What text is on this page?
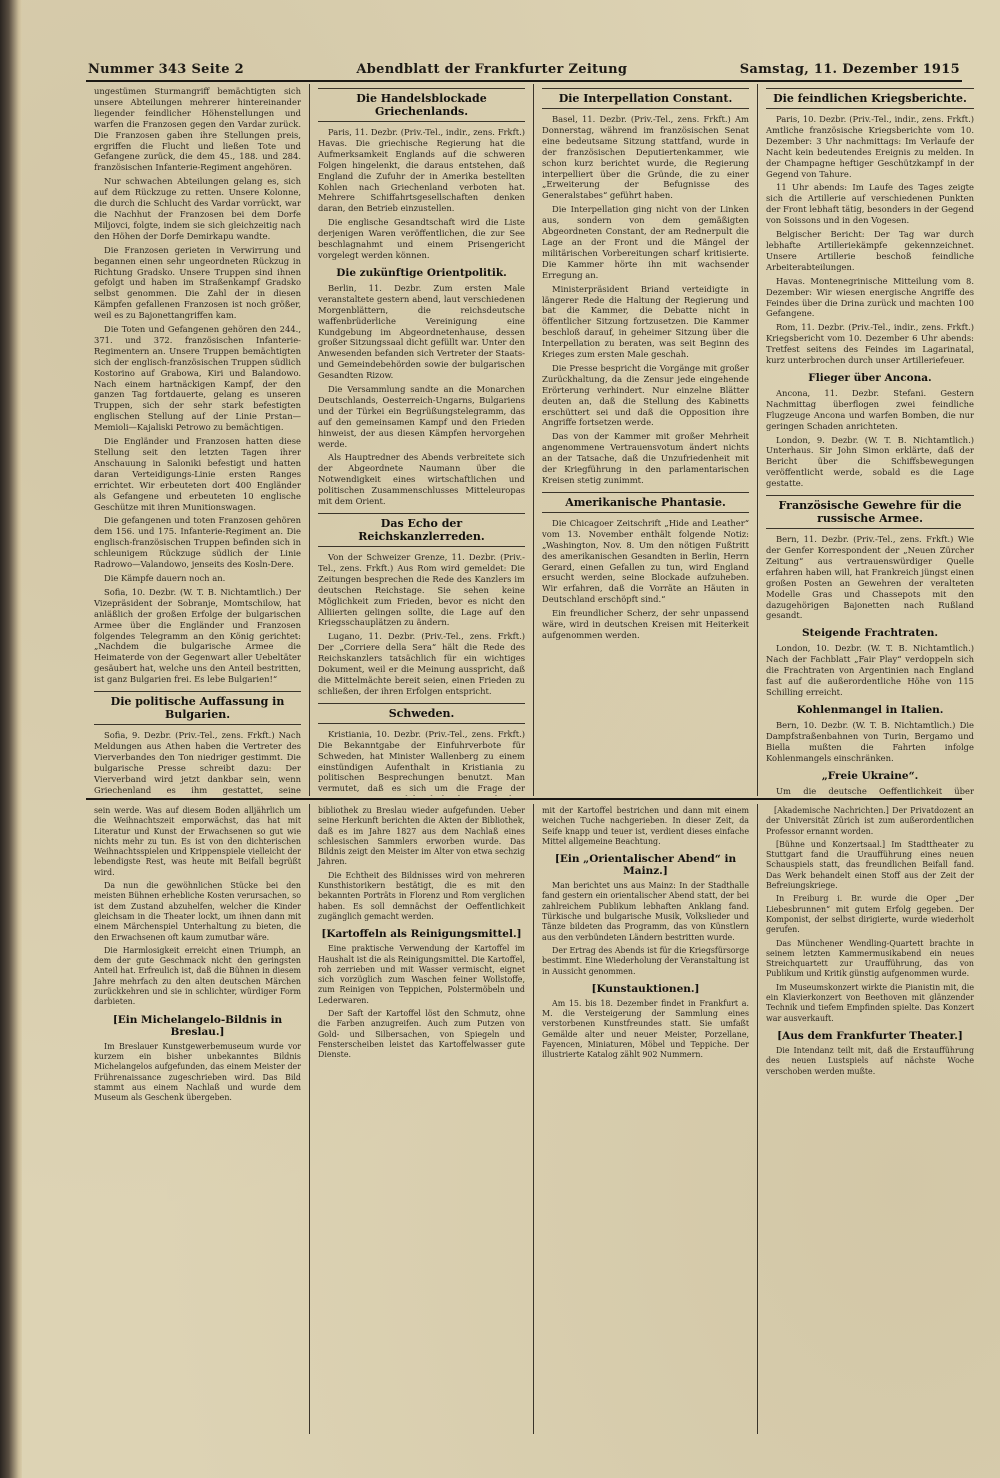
Nummer 343 Seite 2	Abendblatt der Frankfurter Zeitung	Samstag, 11. Dezember 1915

ungestümen Sturmangriff bemächtigten sich unsere Abteilungen mehrerer hintereinander liegender feindlicher Höhenstellungen und warfen die Franzosen gegen den Vardar zurück. Die Franzosen gaben ihre Stellungen preis, ergriffen die Flucht und ließen Tote und Gefangene zurück, die dem 45., 188. und 284. französischen Infanterie-Regiment angehören.

Nur schwachen Abteilungen gelang es, sich auf dem Rückzuge zu retten. Unsere Kolonne, die durch die Schlucht des Vardar vorrückt, war die Nachhut der Franzosen bei dem Dorfe Miljovci, folgte, indem sie sich gleichzeitig nach den Höhen der Dorfe Demirkapu wandte.

Die Franzosen gerieten in Verwirrung und begannen einen sehr ungeordneten Rückzug in Richtung Gradsko. Unsere Truppen sind ihnen gefolgt und haben im Straßenkampf Gradsko selbst genommen. Die Zahl der in diesen Kämpfen gefallenen Franzosen ist noch größer, weil es zu Bajonettangriffen kam.

Die Toten und Gefangenen gehören den 244., 371. und 372. französischen Infanterie-Regimentern an. Unsere Truppen bemächtigten sich der englisch-französischen Truppen südlich Kostorino auf Grabowa, Kiri und Balandowo. Nach einem hartnäckigen Kampf, der den ganzen Tag fortdauerte, gelang es unseren Truppen, sich der sehr stark befestigten englischen Stellung auf der Linie Prstan—Memioli—Kajaliski Petrowo zu bemächtigen.

Die Engländer und Franzosen hatten diese Stellung seit den letzten Tagen ihrer Anschauung in Saloniki befestigt und hatten daran Verteidigungs-Linie ersten Ranges errichtet. Wir erbeuteten dort 400 Engländer als Gefangene und erbeuteten 10 englische Geschütze mit ihren Munitionswagen.

Die gefangenen und toten Franzosen gehören dem 156. und 175. Infanterie-Regiment an. Die englisch-französischen Truppen befinden sich in schleunigem Rückzuge südlich der Linie Radrowo—Valandowo, jenseits des Kosln-Dere.

Die Kämpfe dauern noch an.

Sofia, 10. Dezbr. (W. T. B. Nichtamtlich.) Der Vizepräsident der Sobranje, Momtschilow, hat anläßlich der großen Erfolge der bulgarischen Armee über die Engländer und Franzosen folgendes Telegramm an den König gerichtet: „Nachdem die bulgarische Armee die Heimaterde von der Gegenwart aller Uebeltäter gesäubert hat, welche uns den Anteil bestritten, ist ganz Bulgarien frei. Es lebe Bulgarien!“

Die politische Auffassung in Bulgarien.

Sofia, 9. Dezbr. (Priv.-Tel., zens. Frkft.) Nach Meldungen aus Athen haben die Vertreter des Vierverbandes den Ton niedriger gestimmt. Die bulgarische Presse schreibt dazu: Der Vierverband wird jetzt dankbar sein, wenn Griechenland es ihm gestattet, seine

Die Handelsblockade Griechenlands.

Paris, 11. Dezbr. (Priv.-Tel., indir., zens. Frkft.) Havas. Die griechische Regierung hat die Aufmerksamkeit Englands auf die schweren Folgen hingelenkt, die daraus entstehen, daß England die Zufuhr der in Amerika bestellten Kohlen nach Griechenland verboten hat. Mehrere Schiffahrtsgesellschaften denken daran, den Betrieb einzustellen.

Die englische Gesandtschaft wird die Liste derjenigen Waren veröffentlichen, die zur See beschlagnahmt und einem Prisengericht vorgelegt werden können.

Die zukünftige Orientpolitik.

Berlin, 11. Dezbr. Zum ersten Male veranstaltete gestern abend, laut verschiedenen Morgenblättern, die reichsdeutsche waffenbrüderliche Vereinigung eine Kundgebung im Abgeordnetenhause, dessen großer Sitzungssaal dicht gefüllt war. Unter den Anwesenden befanden sich Vertreter der Staats- und Gemeindebehörden sowie der bulgarischen Gesandten Rizow.

Die Versammlung sandte an die Monarchen Deutschlands, Oesterreich-Ungarns, Bulgariens und der Türkei ein Begrüßungstelegramm, das auf den gemeinsamen Kampf und den Frieden hinweist, der aus diesen Kämpfen hervorgehen werde.

Als Hauptredner des Abends verbreitete sich der Abgeordnete Naumann über die Notwendigkeit eines wirtschaftlichen und politischen Zusammenschlusses Mitteleuropas mit dem Orient.

Das Echo der Reichskanzlerreden.

Von der Schweizer Grenze, 11. Dezbr. (Priv.-Tel., zens. Frkft.) Aus Rom wird gemeldet: Die Zeitungen besprechen die Rede des Kanzlers im deutschen Reichstage. Sie sehen keine Möglichkeit zum Frieden, bevor es nicht den Alliierten gelingen sollte, die Lage auf den Kriegsschauplätzen zu ändern.

Lugano, 11. Dezbr. (Priv.-Tel., zens. Frkft.) Der „Corriere della Sera“ hält die Rede des Reichskanzlers tatsächlich für ein wichtiges Dokument, weil er die Meinung ausspricht, daß die Mittelmächte bereit seien, einen Frieden zu schließen, der ihren Erfolgen entspricht.

Schweden.

Kristiania, 10. Dezbr. (Priv.-Tel., zens. Frkft.) Die Bekanntgabe der Einfuhrverbote für Schweden, hat Minister Wallenberg zu einem einstündigen Aufenthalt in Kristiania zu politischen Besprechungen benutzt. Man vermutet, daß es sich um die Frage der

Die Interpellation Constant.

Basel, 11. Dezbr. (Priv.-Tel., zens. Frkft.) Am Donnerstag, während im französischen Senat eine bedeutsame Sitzung stattfand, wurde in der französischen Deputiertenkammer, wie schon kurz berichtet wurde, die Regierung interpelliert über die Gründe, die zu einer „Erweiterung der Befugnisse des Generalstabes“ geführt haben.

Die Interpellation ging nicht von der Linken aus, sondern von dem gemäßigten Abgeordneten Constant, der am Rednerpult die Lage an der Front und die Mängel der militärischen Vorbereitungen scharf kritisierte. Die Kammer hörte ihn mit wachsender Erregung an.

Ministerpräsident Briand verteidigte in längerer Rede die Haltung der Regierung und bat die Kammer, die Debatte nicht in öffentlicher Sitzung fortzusetzen. Die Kammer beschloß darauf, in geheimer Sitzung über die Interpellation zu beraten, was seit Beginn des Krieges zum ersten Male geschah.

Die Presse bespricht die Vorgänge mit großer Zurückhaltung, da die Zensur jede eingehende Erörterung verhindert. Nur einzelne Blätter deuten an, daß die Stellung des Kabinetts erschüttert sei und daß die Opposition ihre Angriffe fortsetzen werde.

Das von der Kammer mit großer Mehrheit angenommene Vertrauensvotum ändert nichts an der Tatsache, daß die Unzufriedenheit mit der Kriegführung in den parlamentarischen Kreisen stetig zunimmt.

Amerikanische Phantasie.

Die Chicagoer Zeitschrift „Hide and Leather“ vom 13. November enthält folgende Notiz: „Washington, Nov. 8. Um den nötigen Fußtritt des amerikanischen Gesandten in Berlin, Herrn Gerard, einen Gefallen zu tun, wird England ersucht werden, seine Blockade aufzuheben. Wir erfahren, daß die Vorräte an Häuten in Deutschland erschöpft sind.“

Ein freundlicher Scherz, der sehr unpassend wäre, wird in deutschen Kreisen mit Heiterkeit aufgenommen werden.

Die feindlichen Kriegsberichte.

Paris, 10. Dezbr. (Priv.-Tel., indir., zens. Frkft.) Amtliche französische Kriegsberichte vom 10. Dezember: 3 Uhr nachmittags: Im Verlaufe der Nacht kein bedeutendes Ereignis zu melden. In der Champagne heftiger Geschützkampf in der Gegend von Tahure.

11 Uhr abends: Im Laufe des Tages zeigte sich die Artillerie auf verschiedenen Punkten der Front lebhaft tätig, besonders in der Gegend von Soissons und in den Vogesen.

Belgischer Bericht: Der Tag war durch lebhafte Artilleriekämpfe gekennzeichnet. Unsere Artillerie beschoß feindliche Arbeiterabteilungen.

Havas. Montenegrinische Mitteilung vom 8. Dezember: Wir wiesen energische Angriffe des Feindes über die Drina zurück und machten 100 Gefangene.

Rom, 11. Dezbr. (Priv.-Tel., indir., zens. Frkft.) Kriegsbericht vom 10. Dezember 6 Uhr abends: Tretfest seitens des Feindes im Lagarinatal, kurz unterbrochen durch unser Artilleriefeuer.

Flieger über Ancona.

Ancona, 11. Dezbr. Stefani. Gestern Nachmittag überflogen zwei feindliche Flugzeuge Ancona und warfen Bomben, die nur geringen Schaden anrichteten.

London, 9. Dezbr. (W. T. B. Nichtamtlich.) Unterhaus. Sir John Simon erklärte, daß der Bericht über die Schiffsbewegungen veröffentlicht werde, sobald es die Lage gestatte.

Französische Gewehre für die russische Armee.

Bern, 11. Dezbr. (Priv.-Tel., zens. Frkft.) Wie der Genfer Korrespondent der „Neuen Zürcher Zeitung“ aus vertrauenswürdiger Quelle erfahren haben will, hat Frankreich jüngst einen großen Posten an Gewehren der veralteten Modelle Gras und Chassepots mit den dazugehörigen Bajonetten nach Rußland gesandt.

Steigende Frachtraten.

London, 10. Dezbr. (W. T. B. Nichtamtlich.) Nach der Fachblatt „Fair Play“ verdoppeln sich die Frachtraten von Argentinien nach England fast auf die außerordentliche Höhe von 115 Schilling erreicht.

Kohlenmangel in Italien.

Bern, 10. Dezbr. (W. T. B. Nichtamtlich.) Die Dampfstraßenbahnen von Turin, Bergamo und Biella mußten die Fahrten infolge Kohlenmangels einschränken.

„Freie Ukraine“.

Um die deutsche Oeffentlichkeit über

sein werde. Was auf diesem Boden alljährlich um die Weihnachtszeit emporwächst, das hat mit Literatur und Kunst der Erwachsenen so gut wie nichts mehr zu tun. Es ist von den dichterischen Weihnachtsspielen und Krippenspiele vielleicht der lebendigste Rest, was heute mit Beifall begrüßt wird.

Da nun die gewöhnlichen Stücke bei den meisten Bühnen erhebliche Kosten verursachen, so ist dem Zustand abzuhelfen, welcher die Kinder gleichsam in die Theater lockt, um ihnen dann mit einem Märchenspiel Unterhaltung zu bieten, die den Erwachsenen oft kaum zumutbar wäre.

Die Harmlosigkeit erreicht einen Triumph, an dem der gute Geschmack nicht den geringsten Anteil hat. Erfreulich ist, daß die Bühnen in diesem Jahre mehrfach zu den alten deutschen Märchen zurückkehren und sie in schlichter, würdiger Form darbieten.

[Ein Michelangelo-Bildnis in Breslau.]

Im Breslauer Kunstgewerbemuseum wurde vor kurzem ein bisher unbekanntes Bildnis Michelangelos aufgefunden, das einem Meister der Frührenaissance zugeschrieben wird. Das Bild stammt aus einem Nachlaß und wurde dem Museum als Geschenk übergeben.

bibliothek zu Breslau wieder aufgefunden. Ueber seine Herkunft berichten die Akten der Bibliothek, daß es im Jahre 1827 aus dem Nachlaß eines schlesischen Sammlers erworben wurde. Das Bildnis zeigt den Meister im Alter von etwa sechzig Jahren.

Die Echtheit des Bildnisses wird von mehreren Kunsthistorikern bestätigt, die es mit den bekannten Porträts in Florenz und Rom verglichen haben. Es soll demnächst der Oeffentlichkeit zugänglich gemacht werden.

[Kartoffeln als Reinigungsmittel.]

Eine praktische Verwendung der Kartoffel im Haushalt ist die als Reinigungsmittel. Die Kartoffel, roh zerrieben und mit Wasser vermischt, eignet sich vorzüglich zum Waschen feiner Wollstoffe, zum Reinigen von Teppichen, Polstermöbeln und Lederwaren.

Der Saft der Kartoffel löst den Schmutz, ohne die Farben anzugreifen. Auch zum Putzen von Gold- und Silbersachen, von Spiegeln und Fensterscheiben leistet das Kartoffelwasser gute Dienste.

mit der Kartoffel bestrichen und dann mit einem weichen Tuche nachgerieben. In dieser Zeit, da Seife knapp und teuer ist, verdient dieses einfache Mittel allgemeine Beachtung.

[Ein „Orientalischer Abend“ in Mainz.]

Man berichtet uns aus Mainz: In der Stadthalle fand gestern ein orientalischer Abend statt, der bei zahlreichem Publikum lebhaften Anklang fand. Türkische und bulgarische Musik, Volkslieder und Tänze bildeten das Programm, das von Künstlern aus den verbündeten Ländern bestritten wurde.

Der Ertrag des Abends ist für die Kriegsfürsorge bestimmt. Eine Wiederholung der Veranstaltung ist in Aussicht genommen.

[Kunstauktionen.]

Am 15. bis 18. Dezember findet in Frankfurt a. M. die Versteigerung der Sammlung eines verstorbenen Kunstfreundes statt. Sie umfaßt Gemälde alter und neuer Meister, Porzellane, Fayencen, Miniaturen, Möbel und Teppiche. Der illustrierte Katalog zählt 902 Nummern.

[Akademische Nachrichten.] Der Privatdozent an der Universität Zürich ist zum außerordentlichen Professor ernannt worden.

[Bühne und Konzertsaal.] Im Stadttheater zu Stuttgart fand die Uraufführung eines neuen Schauspiels statt, das freundlichen Beifall fand. Das Werk behandelt einen Stoff aus der Zeit der Befreiungskriege.

In Freiburg i. Br. wurde die Oper „Der Liebesbrunnen“ mit gutem Erfolg gegeben. Der Komponist, der selbst dirigierte, wurde wiederholt gerufen.

Das Münchener Wendling-Quartett brachte in seinem letzten Kammermusikabend ein neues Streichquartett zur Uraufführung, das von Publikum und Kritik günstig aufgenommen wurde.

Im Museumskonzert wirkte die Pianistin mit, die ein Klavierkonzert von Beethoven mit glänzender Technik und tiefem Empfinden spielte. Das Konzert war ausverkauft.

[Aus dem Frankfurter Theater.]

Die Intendanz teilt mit, daß die Erstaufführung des neuen Lustspiels auf nächste Woche verschoben werden mußte.
